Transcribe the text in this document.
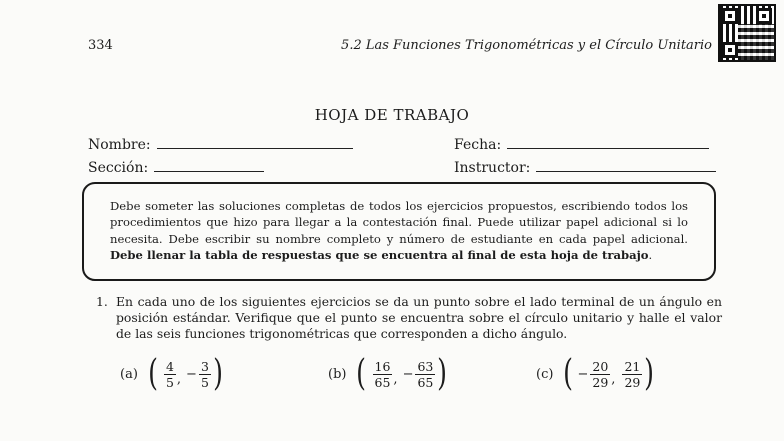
334	5.2 Las Funciones Trigonométricas y el Círculo Unitario
HOJA DE TRABAJO
Nombre:	Fecha:
Sección:	Instructor:
Debe someter las soluciones completas de todos los ejercicios propuestos, escribiendo todos los procedimientos que hizo para llegar a la contestación final. Puede utilizar papel adicional si lo necesita. Debe escribir su nombre completo y número de estudiante en cada papel adicional. Debe llenar la tabla de respuestas que se encuentra al final de esta hoja de trabajo.
1. En cada uno de los siguientes ejercicios se da un punto sobre el lado terminal de un ángulo en posición estándar. Verifique que el punto se encuentra sobre el círculo unitario y halle el valor de las seis funciones trigonométricas que corresponden a dicho ángulo.
(a) ( $\frac{4}{5}$ , − $\frac{3}{5}$ )	(b) ( $\frac{16}{65}$ , − $\frac{63}{65}$ )	(c) ( − $\frac{20}{29}$ , $\frac{21}{29}$ )
